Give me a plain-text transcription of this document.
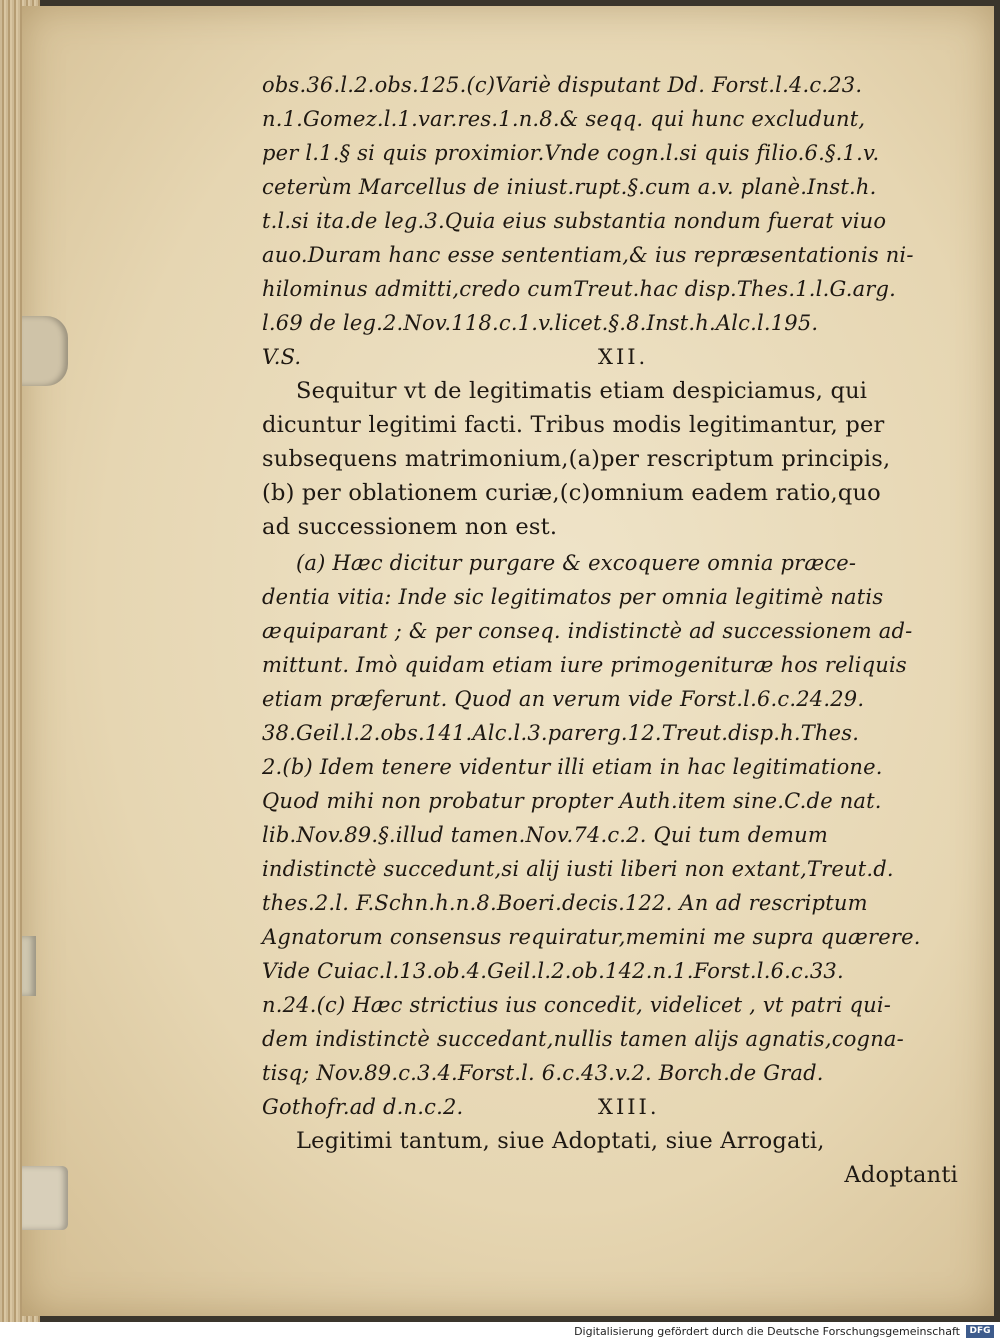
obs.36.l.2.obs.125.(c)Variè disputant Dd. Forst.l.4.c.23.
n.1.Gomez.l.1.var.res.1.n.8.& seqq. qui hunc excludunt,
per l.1.§ si quis proximior.Vnde cogn.l.si quis filio.6.§.1.v.
ceterùm Marcellus de iniust.rupt.§.cum a.v. planè.Inst.h.
t.l.si ita.de leg.3.Quia eius substantia nondum fuerat viuo
auo.Duram hanc esse sententiam,& ius repræsentationis ni-
hilominus admitti,credo cumTreut.hac disp.Thes.1.l.G.arg.
l.69 de leg.2.Nov.118.c.1.v.licet.§.8.Inst.h.Alc.l.195.
V.S.	XII.
Sequitur vt de legitimatis etiam despiciamus, qui
dicuntur legitimi facti. Tribus modis legitimantur, per
subsequens matrimonium,(a)per rescriptum principis,
(b) per oblationem curiæ,(c)omnium eadem ratio,quo
ad successionem non est.
(a) Hæc dicitur purgare & excoquere omnia præce-
dentia vitia: Inde sic legitimatos per omnia legitimè natis
æquiparant ; & per conseq. indistinctè ad successionem ad-
mittunt. Imò quidam etiam iure primogenituræ hos reliquis
etiam præferunt. Quod an verum vide Forst.l.6.c.24.29.
38.Geil.l.2.obs.141.Alc.l.3.parerg.12.Treut.disp.h.Thes.
2.(b) Idem tenere videntur illi etiam in hac legitimatione.
Quod mihi non probatur propter Auth.item sine.C.de nat.
lib.Nov.89.§.illud tamen.Nov.74.c.2. Qui tum demum
indistinctè succedunt,si alij iusti liberi non extant,Treut.d.
thes.2.l. F.Schn.h.n.8.Boeri.decis.122. An ad rescriptum
Agnatorum consensus requiratur,memini me supra quærere.
Vide Cuiac.l.13.ob.4.Geil.l.2.ob.142.n.1.Forst.l.6.c.33.
n.24.(c) Hæc strictius ius concedit, videlicet , vt patri qui-
dem indistinctè succedant,nullis tamen alijs agnatis,cogna-
tisq; Nov.89.c.3.4.Forst.l. 6.c.43.v.2. Borch.de Grad.
Gothofr.ad d.n.c.2.	XIII.
Legitimi tantum, siue Adoptati, siue Arrogati,
Adoptanti
Digitalisierung gefördert durch die Deutsche Forschungsgemeinschaft	DFG
